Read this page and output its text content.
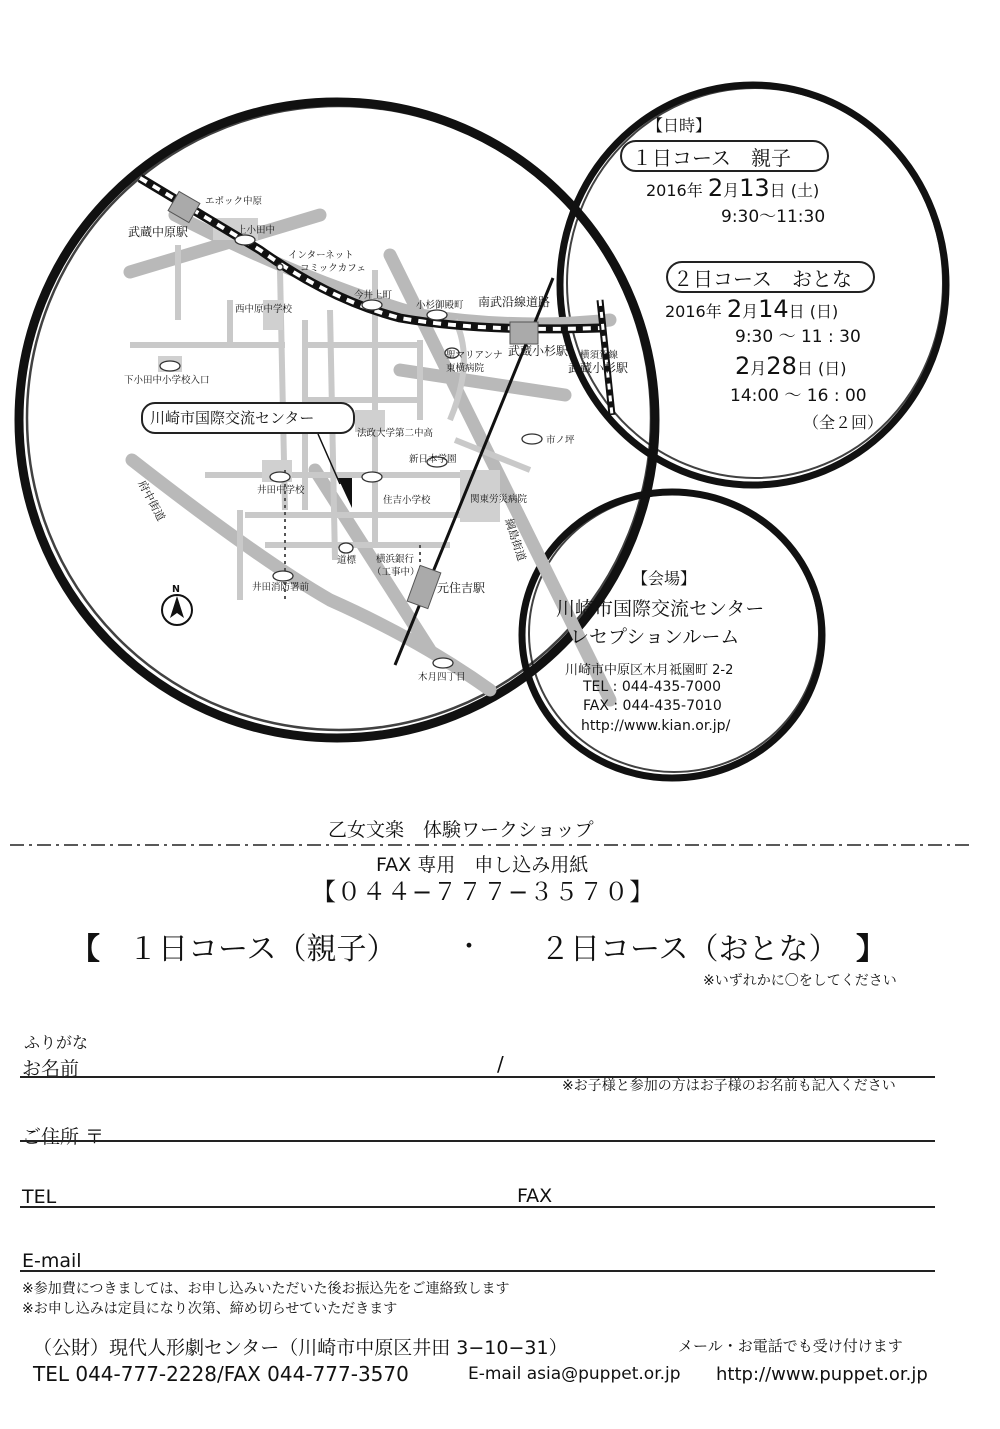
エポック中原
上小田中
インターネット
コミックカフェ
今井上町
小杉御殿町
西中原中学校
下小田中小学校入口
聖マリアンナ
東横病院
横須賀線
法政大学第二中高
新日本学園
市ノ坪
井田中学校
住吉小学校	関東労災病院
道標 横浜銀行
（工事中）
井田消防署前
木月四丁目
N
南武沿線道路
武蔵中原駅
武蔵小杉駅
武蔵小杉駅
元住吉駅
綱島街道
府中街道
川崎市国際交流センター
【日時】
１日コース　親子
2016年 2月13日 (土)
9:30〜11:30
２日コース　おとな
2016年 2月14日 (日)
9:30 〜 11 : 30
2月28日 (日)
14:00 〜 16 : 00
（全２回）
【会場】
川崎市国際交流センター
レセプションルーム
川崎市中原区木月祗園町 2-2
TEL : 044-435-7000
FAX : 044-435-7010
http://www.kian.or.jp/
乙女文楽　体験ワークショップ
FAX 専用　申し込み用紙
【０４４−７７７−３５７０】
【 １日コース（親子） ・ ２日コース（おとな） 】
※いずれかに〇をしてください
ふりがな
お名前	/
※お子様と参加の方はお子様のお名前も記入ください
ご住所 〒
TEL	FAX
E-mail
※参加費につきましては、お申し込みいただいた後お振込先をご連絡致します
※お申し込みは定員になり次第、締め切らせていただきます
（公財）現代人形劇センター（川崎市中原区井田 3−10−31）	メール・お電話でも受け付けます
TEL 044-777-2228/FAX 044-777-3570	E-mail asia@puppet.or.jp http://www.puppet.or.jp
